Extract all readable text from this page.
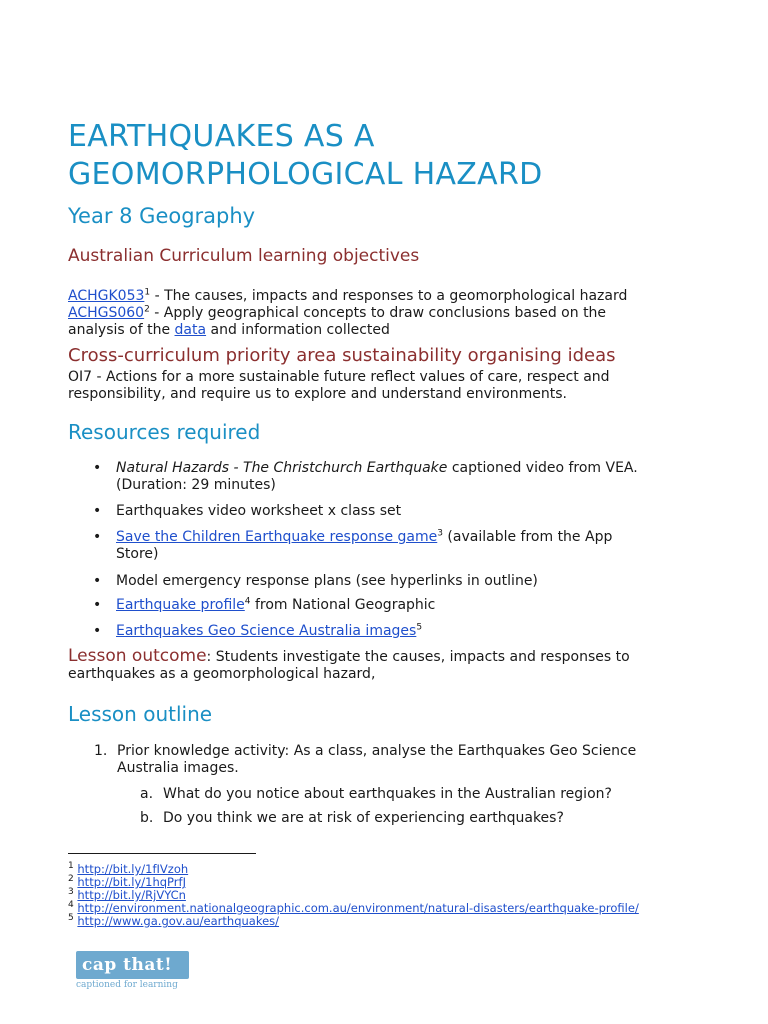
EARTHQUAKES AS A
GEOMORPHOLOGICAL HAZARD
Year 8 Geography
Australian Curriculum learning objectives
$ACHGK053^1$ - The causes, impacts and responses to a geomorphological hazard
$ACHGS060^2$ - Apply geographical concepts to draw conclusions based on the
analysis of the data and information collected
Cross-curriculum priority area sustainability organising ideas
OI7 - Actions for a more sustainable future reflect values of care, respect and
responsibility, and require us to explore and understand environments.
Resources required
• Natural Hazards - The Christchurch Earthquake captioned video from VEA.
(Duration: 29 minutes)
• Earthquakes video worksheet x class set
• Save the Children Earthquake response game$^3$ (available from the App
Store)
• Model emergency response plans (see hyperlinks in outline)
• Earthquake profile$^4$ from National Geographic
• Earthquakes Geo Science Australia images$^5$
Lesson outcome: Students investigate the causes, impacts and responses to
earthquakes as a geomorphological hazard,
Lesson outline
1. Prior knowledge activity: As a class, analyse the Earthquakes Geo Science
Australia images.
a. What do you notice about earthquakes in the Australian region?
b. Do you think we are at risk of experiencing earthquakes?
$^1$ http://bit.ly/1fIVzoh
$^2$ http://bit.ly/1hqPrfJ
$^3$ http://bit.ly/RjVYCn
$^4$ http://environment.nationalgeographic.com.au/environment/natural-disasters/earthquake-profile/
$^5$ http://www.ga.gov.au/earthquakes/
cap that!
captioned for learning
